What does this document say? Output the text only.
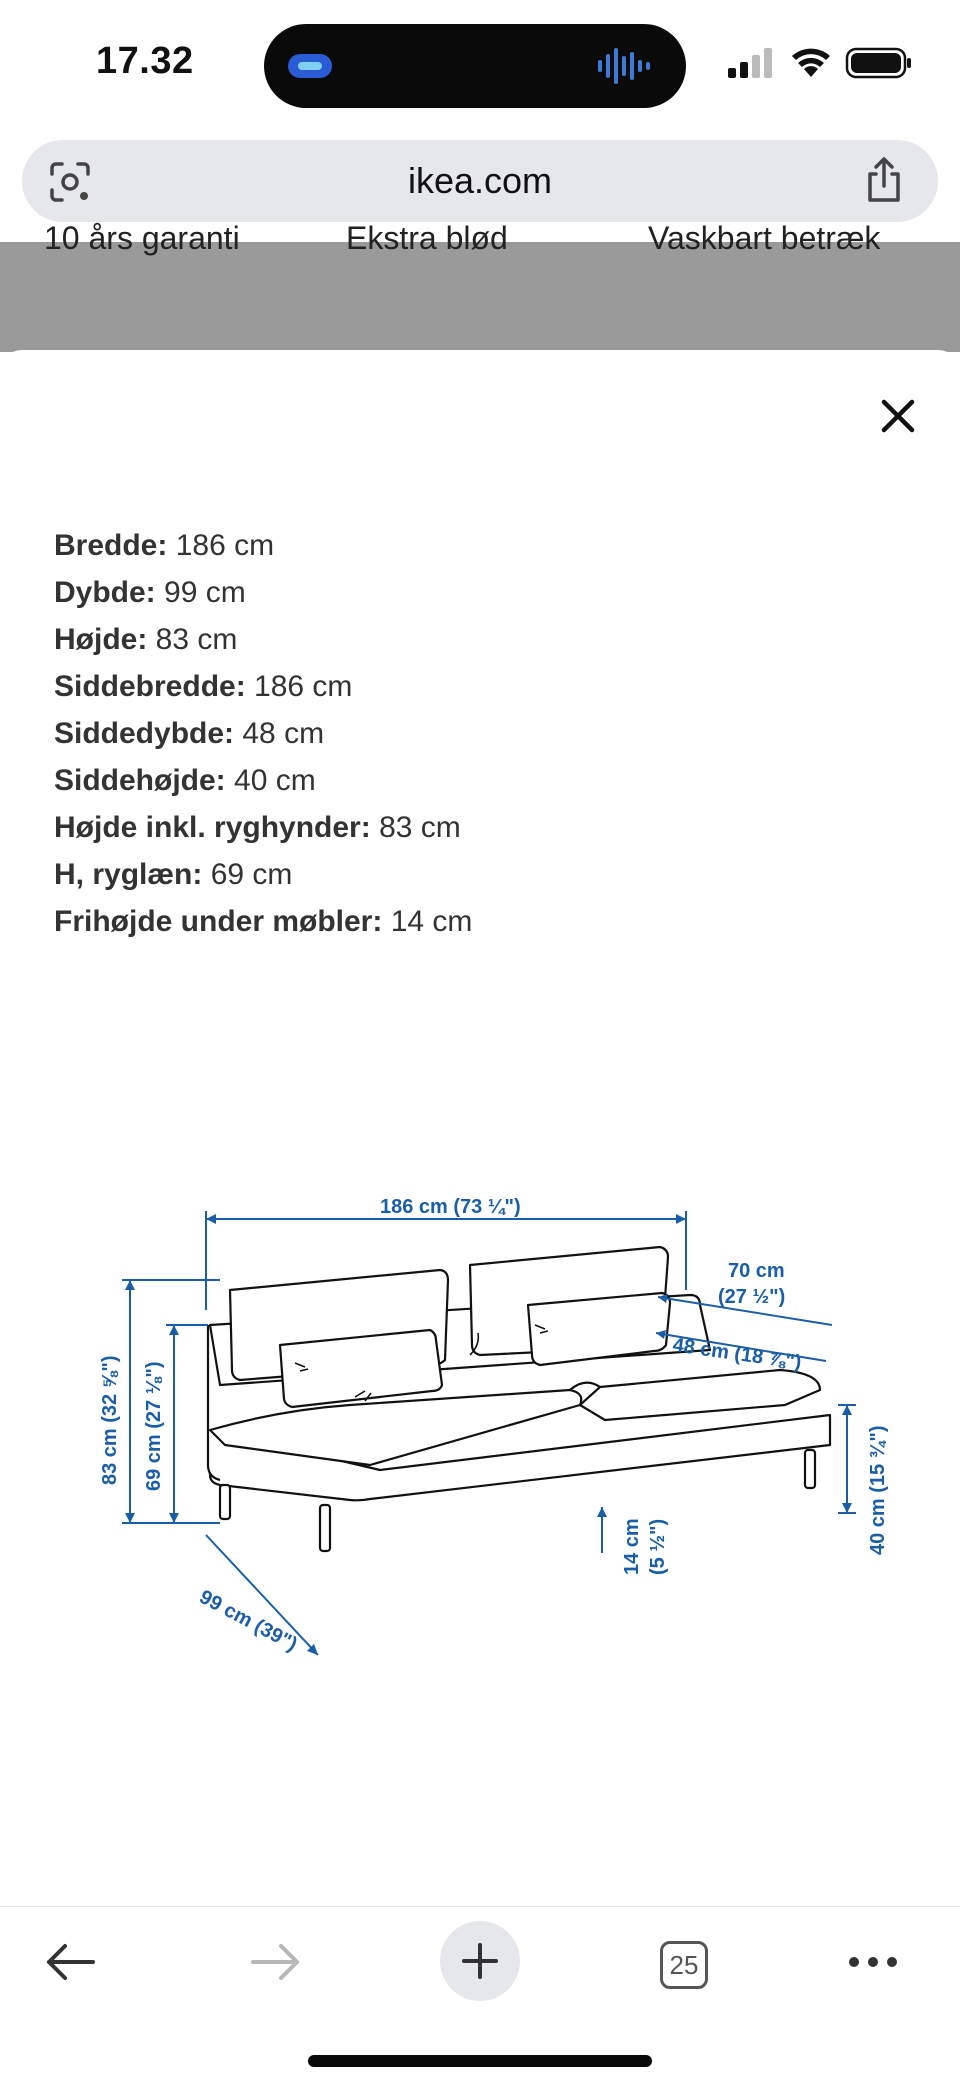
17.32
ikea.com
10 års garanti	Ekstra blød	Vaskbart betræk
Bredde: 186 cm
Dybde: 99 cm
Højde: 83 cm
Siddebredde: 186 cm
Siddedybde: 48 cm
Siddehøjde: 40 cm
Højde inkl. ryghynder: 83 cm
H, ryglæn: 69 cm
Frihøjde under møbler: 14 cm
186 cm (73 ¼")
70 cm
(27 ½")
48 cm (18 ⅞")
40 cm (15 ¾")
14 cm (5 ½")
99 cm (39")
83 cm (32 ⅝") 69 cm (27 ⅛")
25
